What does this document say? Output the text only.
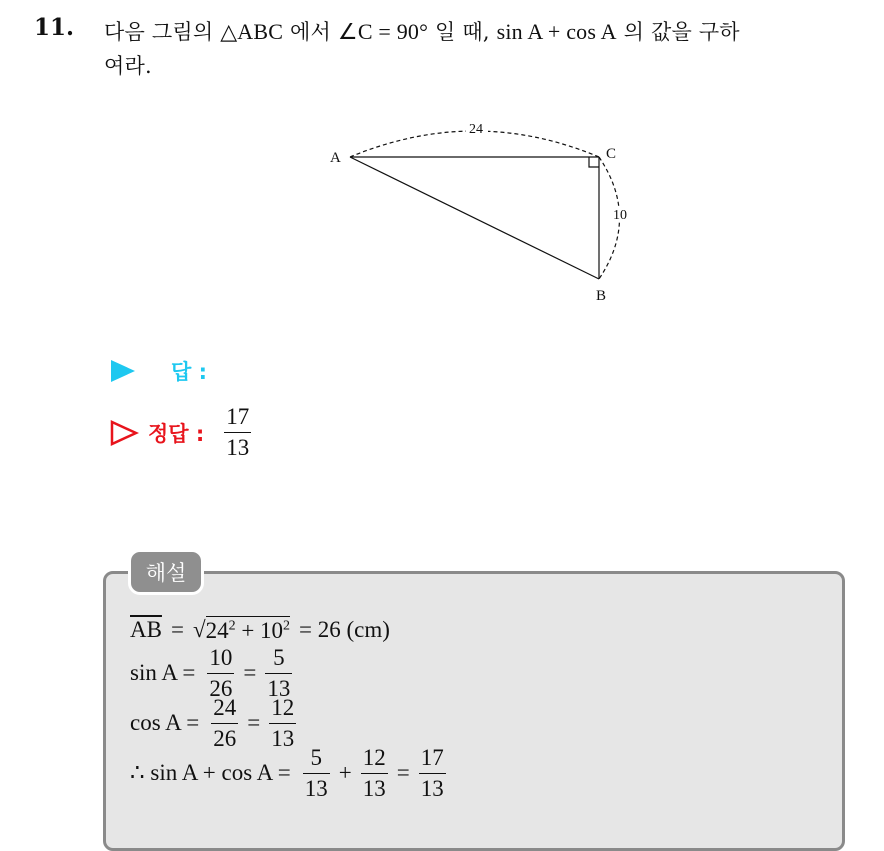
11. 다음 그림의 △ABC 에서 ∠C = 90° 일 때, sin A + cos A 의 값을 구하
여라.
A	C
B
24
10
답 :
정답 : $\frac{17}{13}$
해설
$\overline{AB}$ = √ $24^2 + 10^2 = 26$ (cm)
$\sin A = \frac{10}{26} = \frac{5}{13}$
$\cos A = \frac{24}{26} = \frac{12}{13}$
∴ $\sin A + \cos A = \frac{5}{13} + \frac{12}{13} = \frac{17}{13}$
